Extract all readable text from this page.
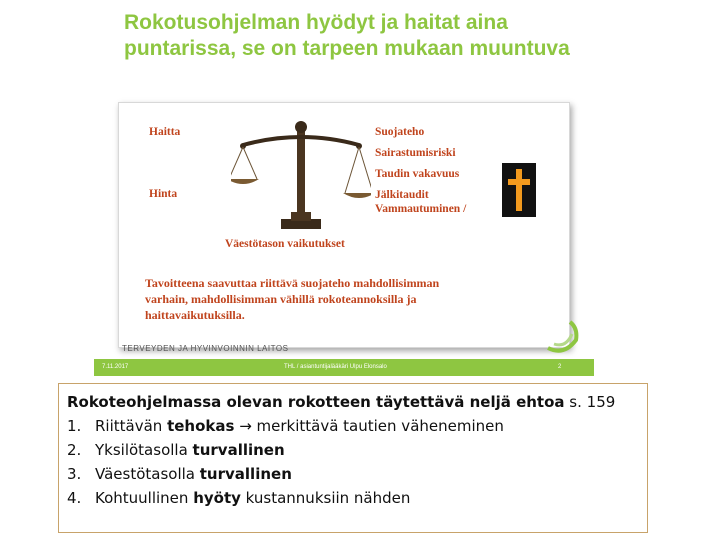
Rokotusohjelman hyödyt ja haitat aina puntarissa, se on tarpeen mukaan muuntuva
Haitta
Hinta
Suojateho
Sairastumisriski
Taudin vakavuus
Jälkitaudit
Vammautuminen /
Väestötason vaikutukset
Tavoitteena saavuttaa riittävä suojateho mahdollisimman
varhain, mahdollisimman vähillä rokoteannoksilla ja
haittavaikutuksilla.
TERVEYDEN JA HYVINVOINNIN LAITOS
7.11.2017	THL / asiantuntijalääkäri Ulpu Elonsalo	2
Rokoteohjelmassa olevan rokotteen täytettävä neljä ehtoa s. 159
1. Riittävän tehokas → merkittävä tautien väheneminen
2. Yksilötasolla turvallinen
3. Väestötasolla turvallinen
4. Kohtuullinen hyöty kustannuksiin nähden
